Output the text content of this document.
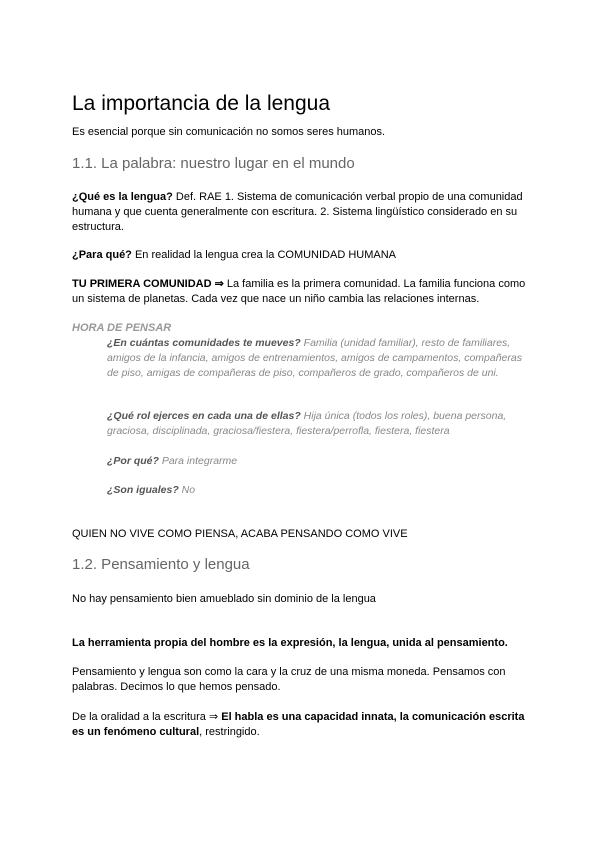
La importancia de la lengua
Es esencial porque sin comunicación no somos seres humanos.
1.1. La palabra: nuestro lugar en el mundo
¿Qué es la lengua? Def. RAE 1. Sistema de comunicación verbal propio de una comunidad humana y que cuenta generalmente con escritura. 2. Sistema lingüístico considerado en su estructura.
¿Para qué? En realidad la lengua crea la COMUNIDAD HUMANA
TU PRIMERA COMUNIDAD ⇒ La familia es la primera comunidad. La familia funciona como un sistema de planetas. Cada vez que nace un niño cambia las relaciones internas.
HORA DE PENSAR
¿En cuántas comunidades te mueves? Familia (unidad familiar), resto de familiares, amigos de la infancia, amigos de entrenamientos, amigos de campamentos, compañeras de piso, amigas de compañeras de piso, compañeros de grado, compañeros de uni.
¿Qué rol ejerces en cada una de ellas? Hija única (todos los roles), buena persona, graciosa, disciplinada, graciosa/fiestera, fiestera/perrofla, fiestera, fiestera
¿Por qué? Para integrarme
¿Son iguales? No
QUIEN NO VIVE COMO PIENSA, ACABA PENSANDO COMO VIVE
1.2. Pensamiento y lengua
No hay pensamiento bien amueblado sin dominio de la lengua
La herramienta propia del hombre es la expresión, la lengua, unida al pensamiento.
Pensamiento y lengua son como la cara y la cruz de una misma moneda. Pensamos con palabras. Decimos lo que hemos pensado.
De la oralidad a la escritura ⇒ El habla es una capacidad innata, la comunicación escrita es un fenómeno cultural, restringido.
